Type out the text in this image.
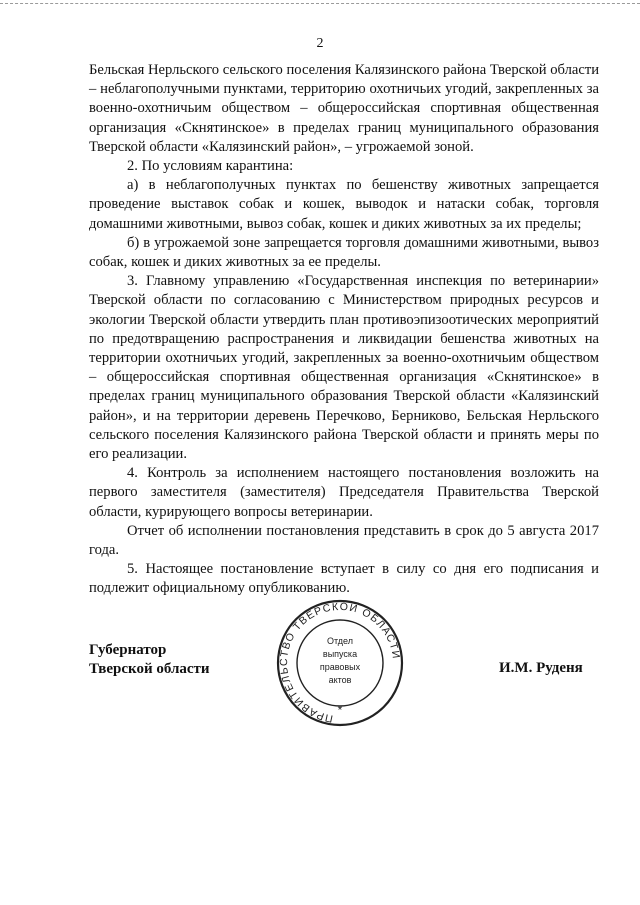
2

Бельская Нерльского сельского поселения Калязинского района Тверской области – неблагополучными пунктами, территорию охотничьих угодий, закрепленных за военно-охотничьим обществом – общероссийская спортивная общественная организация «Скнятинское» в пределах границ муниципального образования Тверской области «Калязинский район», – угрожаемой зоной.

2. По условиям карантина:

а) в неблагополучных пунктах по бешенству животных запрещается проведение выставок собак и кошек, выводок и натаски собак, торговля домашними животными, вывоз собак, кошек и диких животных за их пределы;

б) в угрожаемой зоне запрещается торговля домашними животными, вывоз собак, кошек и диких животных за ее пределы.

3. Главному управлению «Государственная инспекция по ветеринарии» Тверской области по согласованию с Министерством природных ресурсов и экологии Тверской области утвердить план противоэпизоотических мероприятий по предотвращению распространения и ликвидации бешенства животных на территории охотничьих угодий, закрепленных за военно-охотничьим обществом – общероссийская спортивная общественная организация «Скнятинское» в пределах границ муниципального образования Тверской области «Калязинский район», и на территории деревень Перечково, Берниково, Бельская Нерльского сельского поселения Калязинского района Тверской области и принять меры по его реализации.

4. Контроль за исполнением настоящего постановления возложить на первого заместителя (заместителя) Председателя Правительства Тверской области, курирующего вопросы ветеринарии.

Отчет об исполнении постановления представить в срок до 5 августа 2017 года.

5. Настоящее постановление вступает в силу со дня его подписания и подлежит официальному опубликованию.

Губернатор
Тверской области	И.М. Руденя
ПРАВИТЕЛЬСТВО ТВЕРСКОЙ ОБЛАСТИ
Отдел
выпуска
правовых
актов
*
